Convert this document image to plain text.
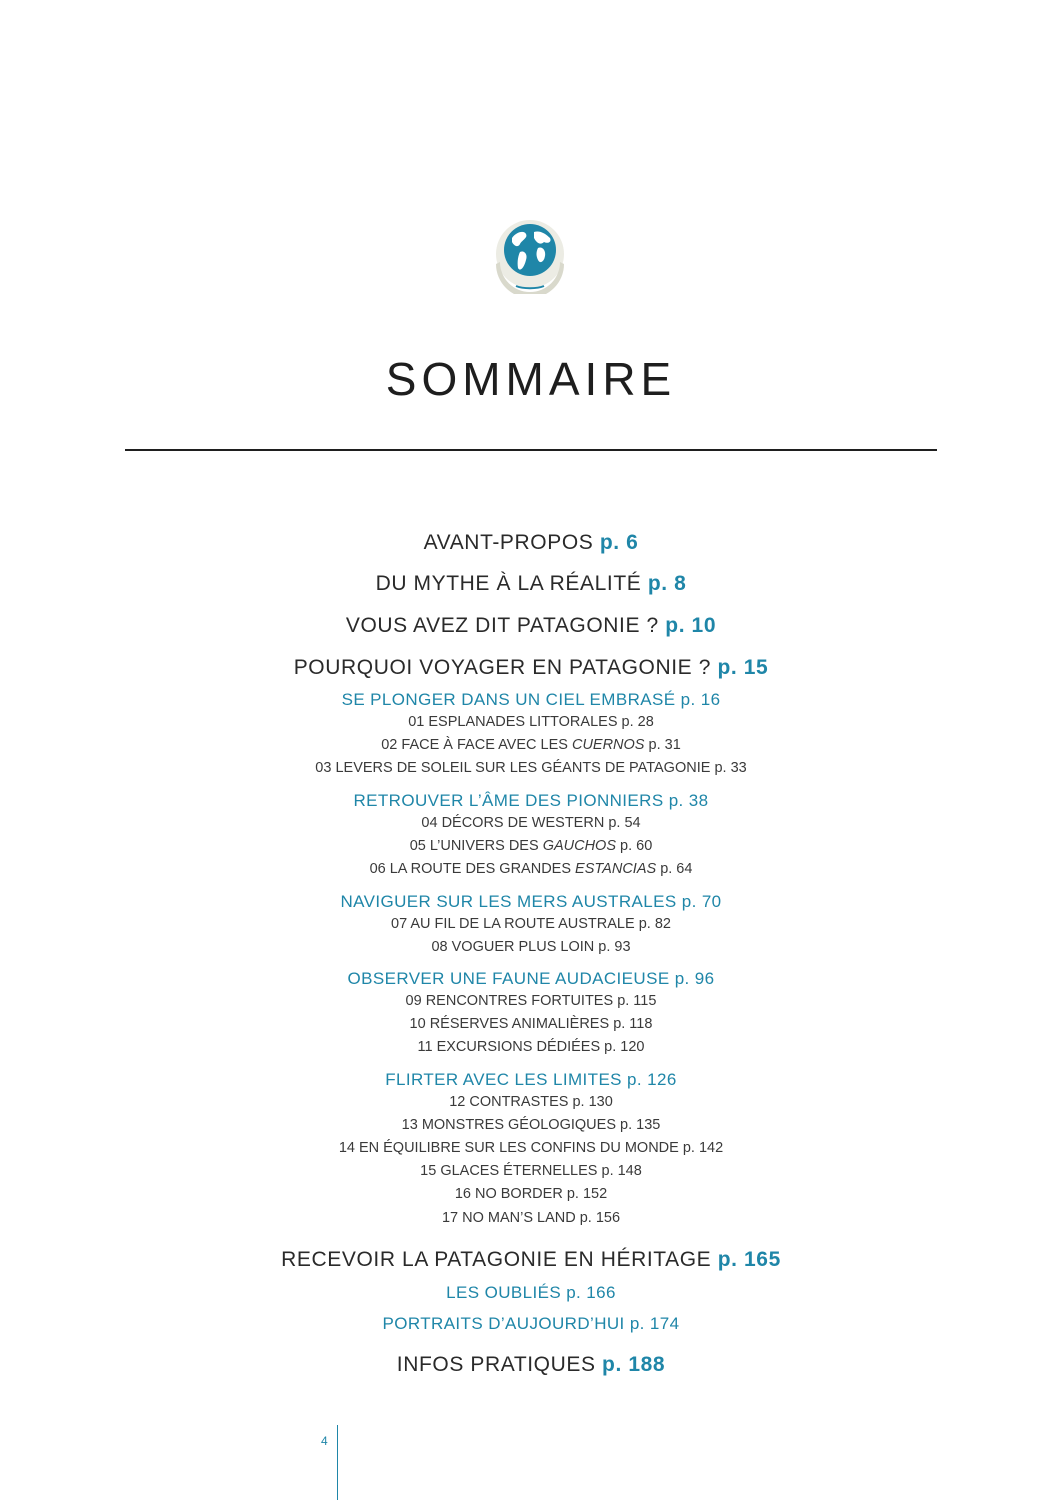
SOMMAIRE
AVANT-PROPOS p. 6
DU MYTHE À LA RÉALITÉ p. 8
VOUS AVEZ DIT PATAGONIE ? p. 10
POURQUOI VOYAGER EN PATAGONIE ? p. 15
SE PLONGER DANS UN CIEL EMBRASÉ p. 16
01 ESPLANADES LITTORALES p. 28
02 FACE À FACE AVEC LES CUERNOS p. 31
03 LEVERS DE SOLEIL SUR LES GÉANTS DE PATAGONIE p. 33
RETROUVER L’ÂME DES PIONNIERS p. 38
04 DÉCORS DE WESTERN p. 54
05 L’UNIVERS DES GAUCHOS p. 60
06 LA ROUTE DES GRANDES ESTANCIAS p. 64
NAVIGUER SUR LES MERS AUSTRALES p. 70
07 AU FIL DE LA ROUTE AUSTRALE p. 82
08 VOGUER PLUS LOIN p. 93
OBSERVER UNE FAUNE AUDACIEUSE p. 96
09 RENCONTRES FORTUITES p. 115
10 RÉSERVES ANIMALIÈRES p. 118
11 EXCURSIONS DÉDIÉES p. 120
FLIRTER AVEC LES LIMITES p. 126
12 CONTRASTES p. 130
13 MONSTRES GÉOLOGIQUES p. 135
14 EN ÉQUILIBRE SUR LES CONFINS DU MONDE p. 142
15 GLACES ÉTERNELLES p. 148
16 NO BORDER p. 152
17 NO MAN’S LAND p. 156
RECEVOIR LA PATAGONIE EN HÉRITAGE p. 165
LES OUBLIÉS p. 166
PORTRAITS D’AUJOURD’HUI p. 174
INFOS PRATIQUES p. 188
4
